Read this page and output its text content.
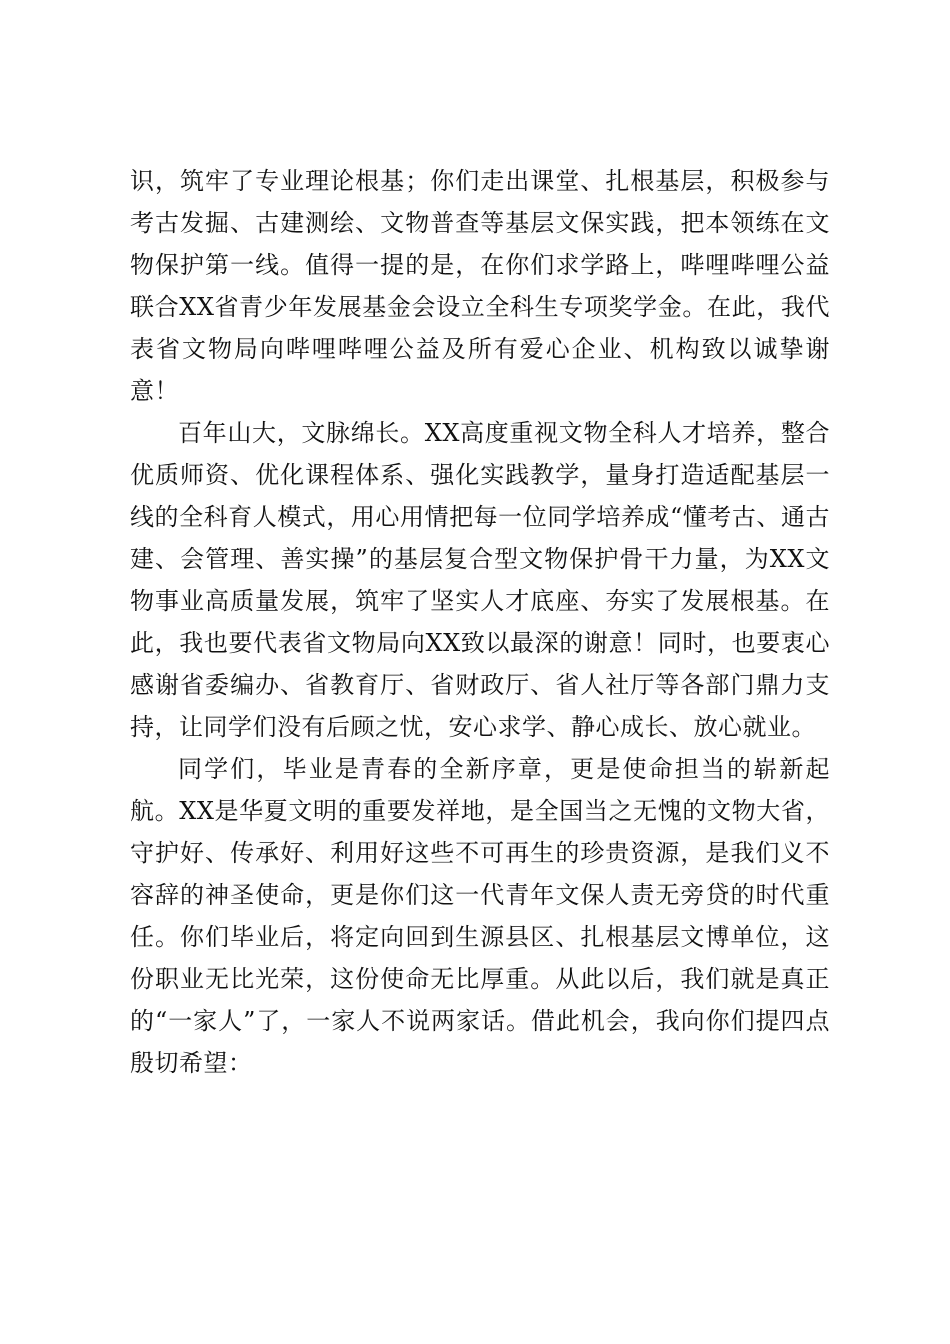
识，筑牢了专业理论根基；你们走出课堂、扎根基层，积极参与考古发掘、古建测绘、文物普查等基层文保实践，把本领练在文物保护第一线。值得一提的是，在你们求学路上，哔哩哔哩公益联合XX省青少年发展基金会设立全科生专项奖学金。在此，我代表省文物局向哔哩哔哩公益及所有爱心企业、机构致以诚挚谢意！

百年山大，文脉绵长。XX高度重视文物全科人才培养，整合优质师资、优化课程体系、强化实践教学，量身打造适配基层一线的全科育人模式，用心用情把每一位同学培养成“懂考古、通古建、会管理、善实操”的基层复合型文物保护骨干力量，为XX文物事业高质量发展，筑牢了坚实人才底座、夯实了发展根基。在此，我也要代表省文物局向XX致以最深的谢意！同时，也要衷心感谢省委编办、省教育厅、省财政厅、省人社厅等各部门鼎力支持，让同学们没有后顾之忧，安心求学、静心成长、放心就业。

同学们，毕业是青春的全新序章，更是使命担当的崭新起航。XX是华夏文明的重要发祥地，是全国当之无愧的文物大省，守护好、传承好、利用好这些不可再生的珍贵资源，是我们义不容辞的神圣使命，更是你们这一代青年文保人责无旁贷的时代重任。你们毕业后，将定向回到生源县区、扎根基层文博单位，这份职业无比光荣，这份使命无比厚重。从此以后，我们就是真正的“一家人”了，一家人不说两家话。借此机会，我向你们提四点殷切希望：
